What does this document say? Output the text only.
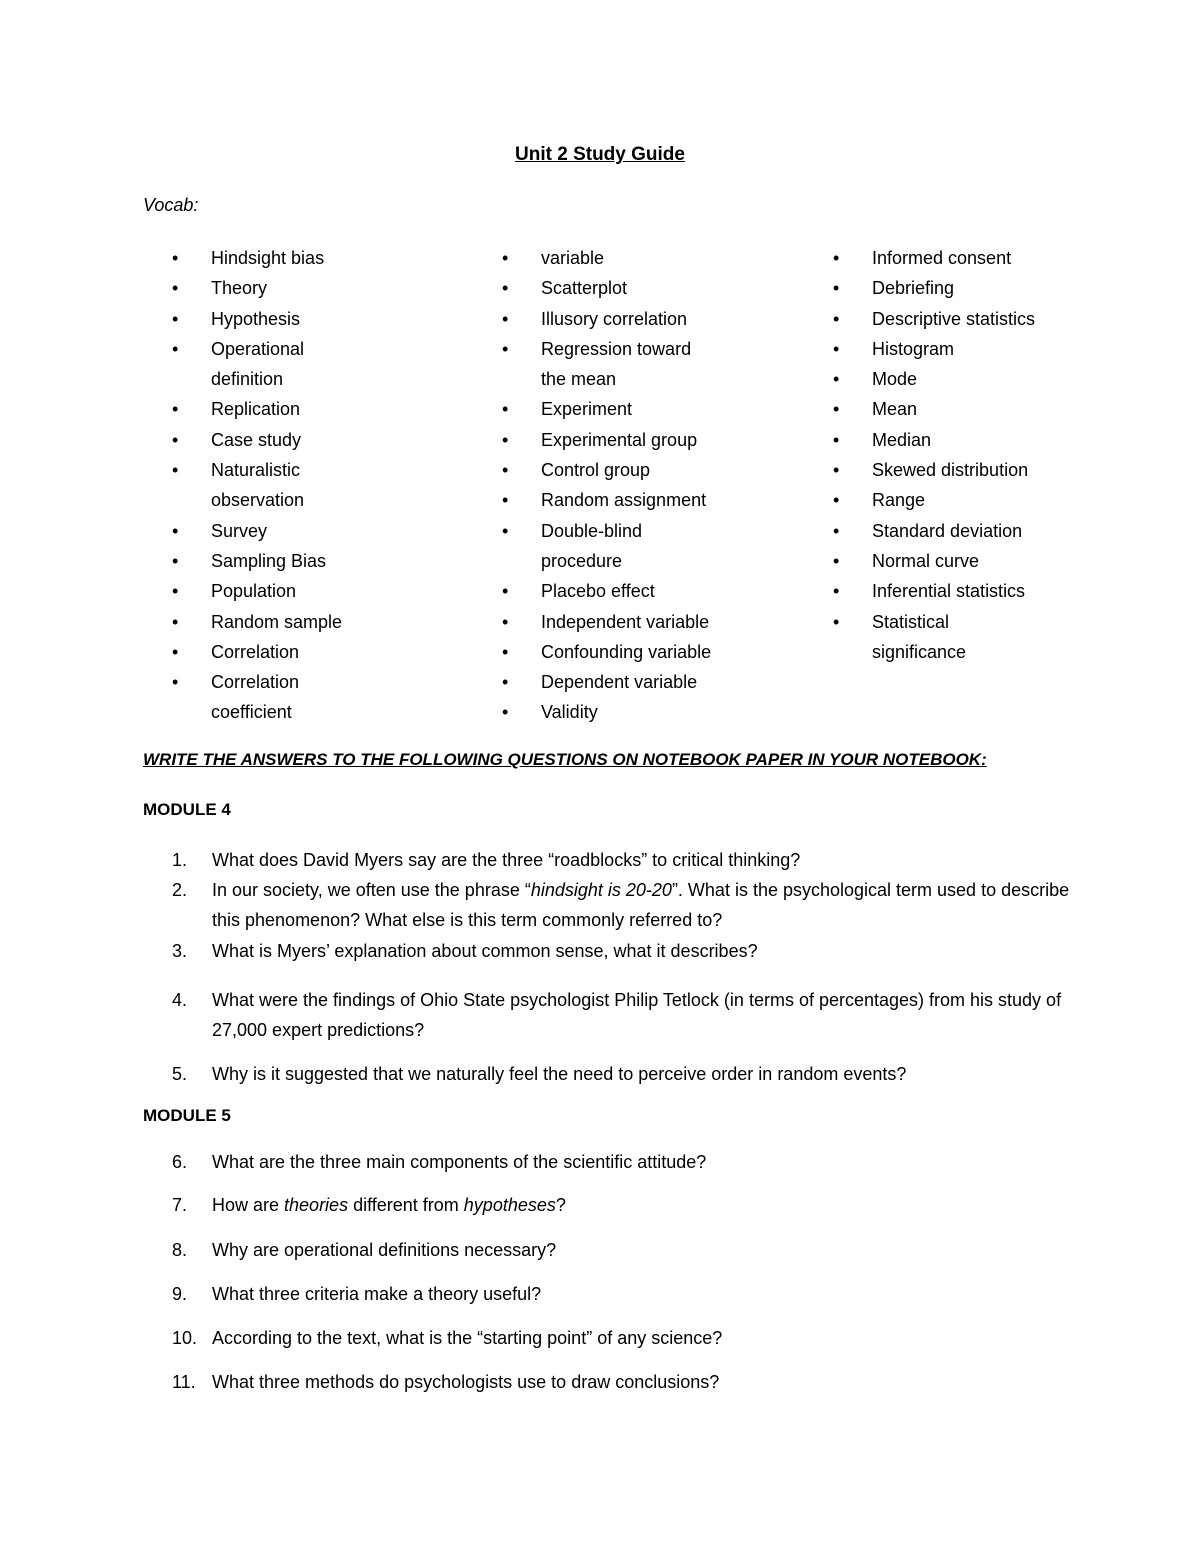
Unit 2 Study Guide
Vocab:

• Hindsight bias

• Theory

• Hypothesis

• Operational definition

• Replication

• Case study

• Naturalistic observation

• Survey

• Sampling Bias

• Population

• Random sample

• Correlation

• Correlation coefficient

• variable

• Scatterplot

• Illusory correlation

• Regression toward the mean

• Experiment

• Experimental group

• Control group

• Random assignment

• Double-blind procedure

• Placebo effect

• Independent variable

• Confounding variable

• Dependent variable

• Validity

• Informed consent

• Debriefing

• Descriptive statistics

• Histogram

• Mode

• Mean

• Median

• Skewed distribution

• Range

• Standard deviation

• Normal curve

• Inferential statistics

• Statistical significance

WRITE THE ANSWERS TO THE FOLLOWING QUESTIONS ON NOTEBOOK PAPER IN YOUR NOTEBOOK:
MODULE 4
1.	What does David Myers say are the three “roadblocks” to critical thinking?
2.	In our society, we often use the phrase “hindsight is 20-20”. What is the psychological term used to describe this phenomenon? What else is this term commonly referred to?
3.	What is Myers’ explanation about common sense, what it describes?
4.	What were the findings of Ohio State psychologist Philip Tetlock (in terms of percentages) from his study of 27,000 expert predictions?
5.	Why is it suggested that we naturally feel the need to perceive order in random events?
MODULE 5
6.	What are the three main components of the scientific attitude?
7.	How are theories different from hypotheses?
8.	Why are operational definitions necessary?
9.	What three criteria make a theory useful?
10. According to the text, what is the “starting point” of any science?
11. What three methods do psychologists use to draw conclusions?
